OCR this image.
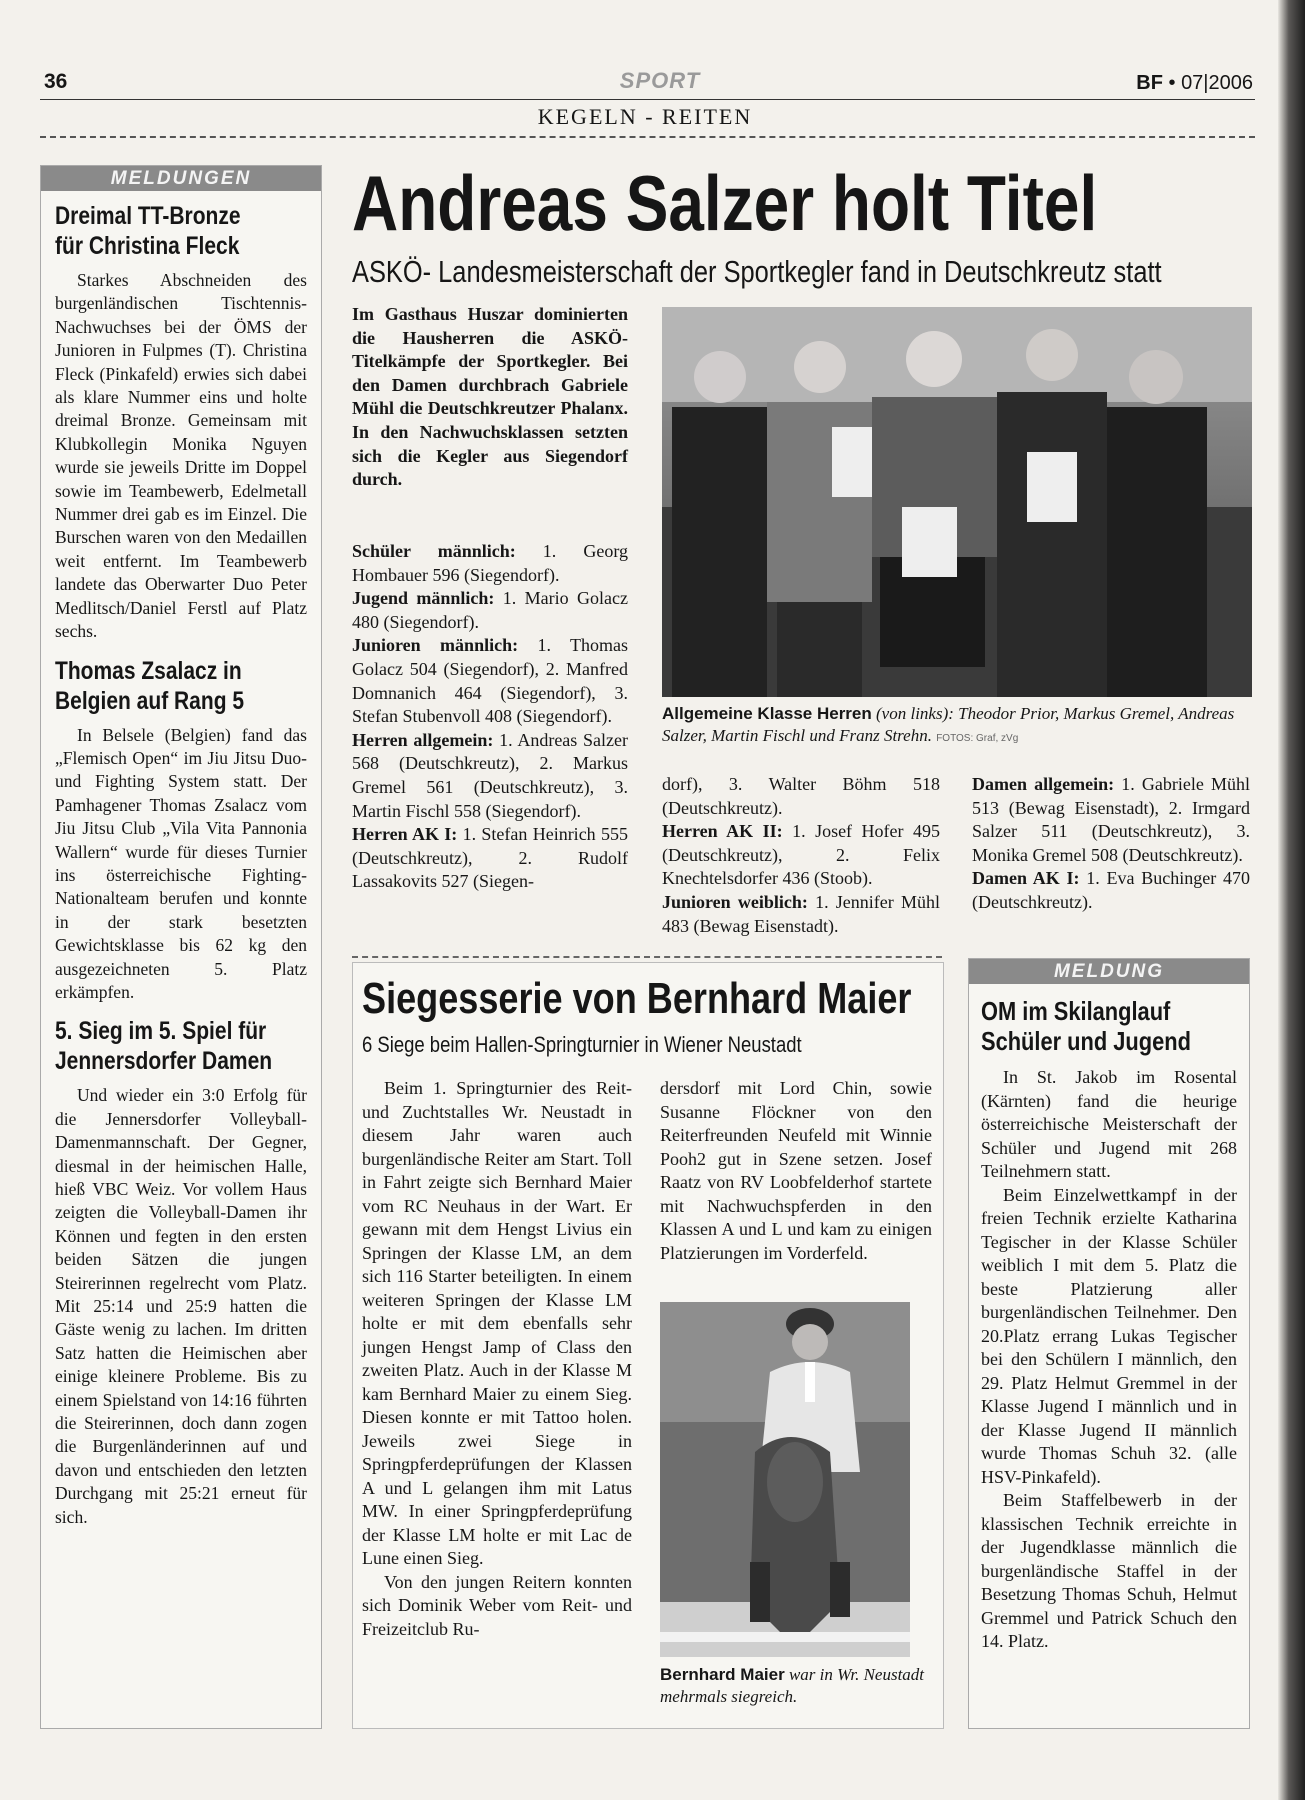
36	SPORT	BF • 07|2006
KEGELN - REITEN
MELDUNGEN
Dreimal TT-Bronze
für Christina Fleck

Starkes Abschneiden des burgenländischen Tischtennis-Nachwuchses bei der ÖMS der Junioren in Fulpmes (T). Christina Fleck (Pinkafeld) erwies sich dabei als klare Nummer eins und holte dreimal Bronze. Gemeinsam mit Klubkollegin Monika Nguyen wurde sie jeweils Dritte im Doppel sowie im Teambewerb, Edelmetall Nummer drei gab es im Einzel. Die Burschen waren von den Medaillen weit entfernt. Im Teambewerb landete das Oberwarter Duo Peter Medlitsch/Daniel Ferstl auf Platz sechs.

Thomas Zsalacz in
Belgien auf Rang 5

In Belsele (Belgien) fand das „Flemisch Open“ im Jiu Jitsu Duo- und Fighting System statt. Der Pamhagener Thomas Zsalacz vom Jiu Jitsu Club „Vila Vita Pannonia Wallern“ wurde für dieses Turnier ins österreichische Fighting-Nationalteam berufen und konnte in der stark besetzten Gewichtsklasse bis 62 kg den ausgezeichneten 5. Platz erkämpfen.

5. Sieg im 5. Spiel für
Jennersdorfer Damen

Und wieder ein 3:0 Erfolg für die Jennersdorfer Volleyball-Damenmannschaft. Der Gegner, diesmal in der heimischen Halle, hieß VBC Weiz. Vor vollem Haus zeigten die Volleyball-Damen ihr Können und fegten in den ersten beiden Sätzen die jungen Steirerinnen regelrecht vom Platz. Mit 25:14 und 25:9 hatten die Gäste wenig zu lachen. Im dritten Satz hatten die Heimischen aber einige kleinere Probleme. Bis zu einem Spielstand von 14:16 führten die Steirerinnen, doch dann zogen die Burgenländerinnen auf und davon und entschieden den letzten Durchgang mit 25:21 erneut für sich.

Andreas Salzer holt Titel
ASKÖ- Landesmeisterschaft der Sportkegler fand in Deutschkreutz statt
Im Gasthaus Huszar dominierten die Hausherren die ASKÖ-Titelkämpfe der Sportkegler. Bei den Damen durchbrach Gabriele Mühl die Deutschkreutzer Phalanx. In den Nachwuchsklassen setzten sich die Kegler aus Siegendorf durch.

Schüler männlich: 1. Georg Hombauer 596 (Siegendorf).

Jugend männlich: 1. Mario Golacz 480 (Siegendorf).

Junioren männlich: 1. Thomas Golacz 504 (Siegendorf), 2. Manfred Domnanich 464 (Siegendorf), 3. Stefan Stubenvoll 408 (Siegendorf).

Herren allgemein: 1. Andreas Salzer 568 (Deutschkreutz), 2. Markus Gremel 561 (Deutschkreutz), 3. Martin Fischl 558 (Siegendorf).

Herren AK I: 1. Stefan Heinrich 555 (Deutschkreutz), 2. Rudolf Lassakovits 527 (Siegen-

Allgemeine Klasse Herren (von links): Theodor Prior, Markus Gremel, Andreas Salzer, Martin Fischl und Franz Strehn. FOTOS: Graf, zVg

dorf), 3. Walter Böhm 518 (Deutschkreutz).

Herren AK II: 1. Josef Hofer 495 (Deutschkreutz), 2. Felix Knechtelsdorfer 436 (Stoob).

Junioren weiblich: 1. Jennifer Mühl 483 (Bewag Eisenstadt).

Damen allgemein: 1. Gabriele Mühl 513 (Bewag Eisenstadt), 2. Irmgard Salzer 511 (Deutschkreutz), 3. Monika Gremel 508 (Deutschkreutz).

Damen AK I: 1. Eva Buchinger 470 (Deutschkreutz).

Siegesserie von Bernhard Maier
6 Siege beim Hallen-Springturnier in Wiener Neustadt

Beim 1. Springturnier des Reit- und Zuchtstalles Wr. Neustadt in diesem Jahr waren auch burgenländische Reiter am Start. Toll in Fahrt zeigte sich Bernhard Maier vom RC Neuhaus in der Wart. Er gewann mit dem Hengst Livius ein Springen der Klasse LM, an dem sich 116 Starter beteiligten. In einem weiteren Springen der Klasse LM holte er mit dem ebenfalls sehr jungen Hengst Jamp of Class den zweiten Platz. Auch in der Klasse M kam Bernhard Maier zu einem Sieg. Diesen konnte er mit Tattoo holen. Jeweils zwei Siege in Springpferdeprüfungen der Klassen A und L gelangen ihm mit Latus MW. In einer Springpferdeprüfung der Klasse LM holte er mit Lac de Lune einen Sieg.

Von den jungen Reitern konnten sich Dominik Weber vom Reit- und Freizeitclub Ru-

dersdorf mit Lord Chin, sowie Susanne Flöckner von den Reiterfreunden Neufeld mit Winnie Pooh2 gut in Szene setzen. Josef Raatz von RV Loobfelderhof startete mit Nachwuchspferden in den Klassen A und L und kam zu einigen Platzierungen im Vorderfeld.

Bernhard Maier war in Wr. Neustadt mehrmals siegreich.
MELDUNG
OM im Skilanglauf
Schüler und Jugend

In St. Jakob im Rosental (Kärnten) fand die heurige österreichische Meisterschaft der Schüler und Jugend mit 268 Teilnehmern statt.

Beim Einzelwettkampf in der freien Technik erzielte Katharina Tegischer in der Klasse Schüler weiblich I mit dem 5. Platz die beste Platzierung aller burgenländischen Teilnehmer. Den 20.Platz errang Lukas Tegischer bei den Schülern I männlich, den 29. Platz Helmut Gremmel in der Klasse Jugend I männlich und in der Klasse Jugend II männlich wurde Thomas Schuh 32. (alle HSV-Pinkafeld).

Beim Staffelbewerb in der klassischen Technik erreichte in der Jugendklasse männlich die burgenländische Staffel in der Besetzung Thomas Schuh, Helmut Gremmel und Patrick Schuch den 14. Platz.
